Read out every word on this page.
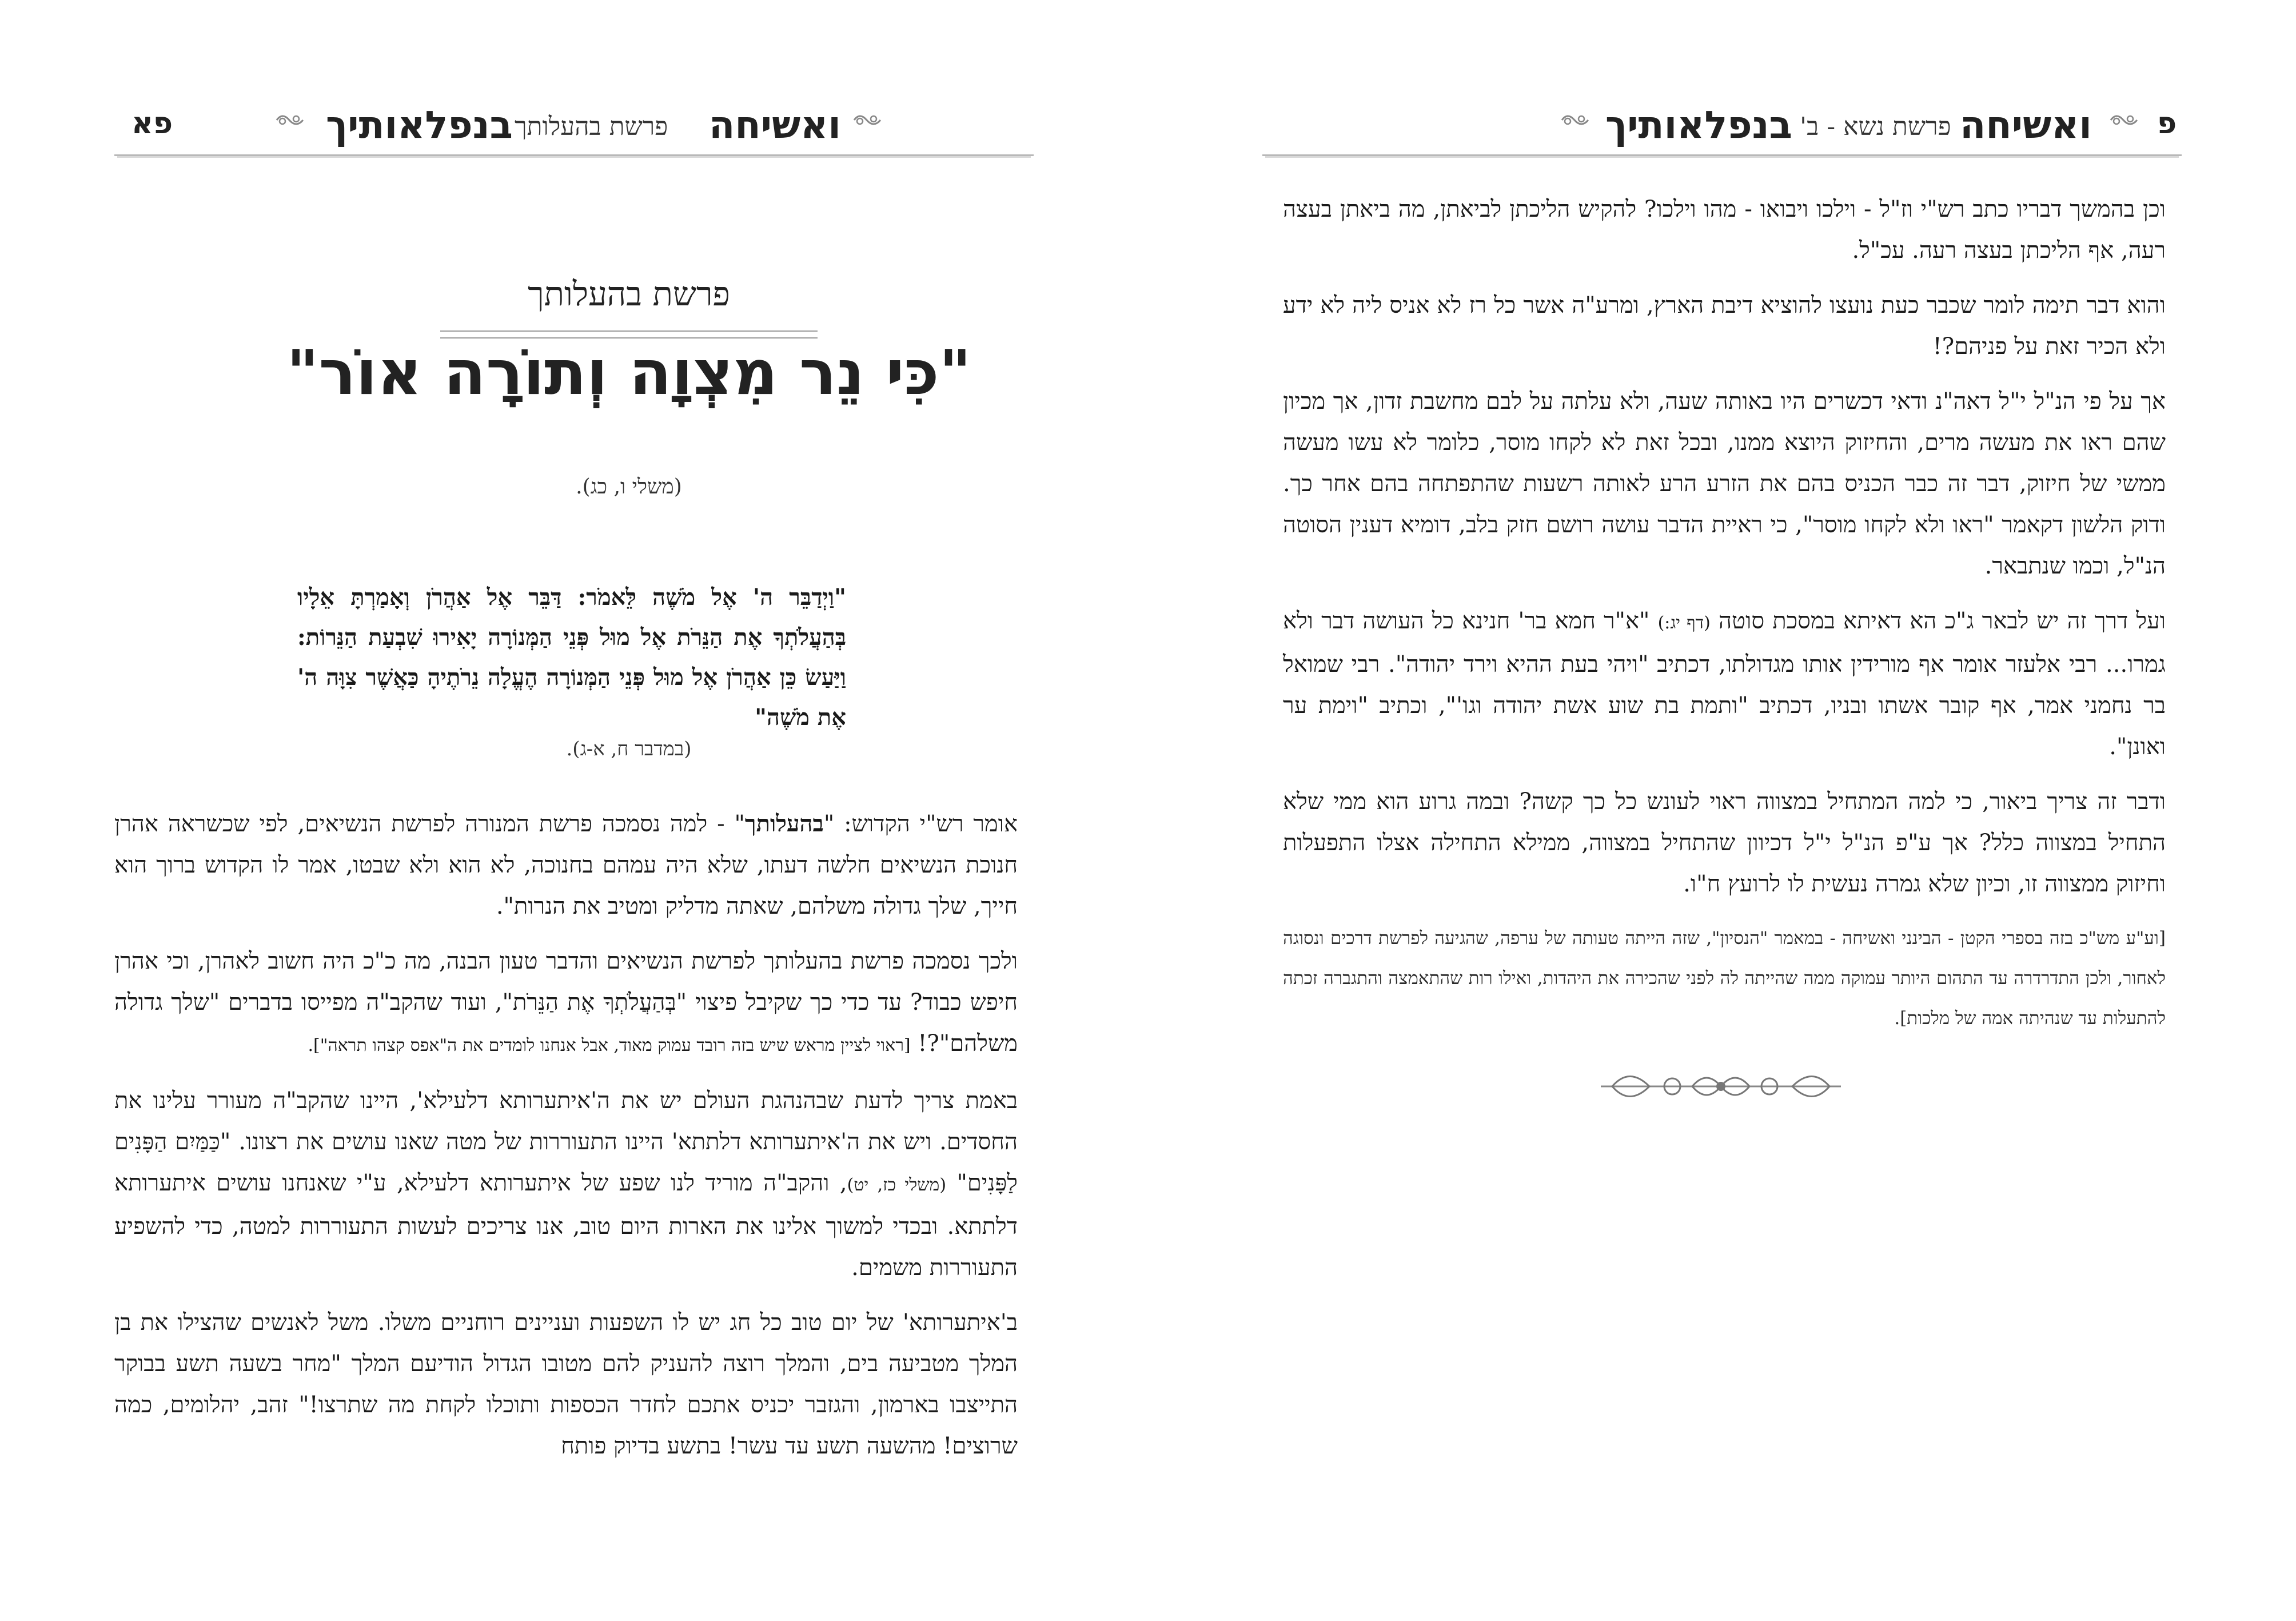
פא	בנפלאותיך פרשת בהעלותך ואשיחה
פרשת בהעלותך
"כִּי נֵר מִצְוָה וְתוֹרָה אוֹר"
(משלי ו, כג).
"וַיְדַבֵּר ה' אֶל מֹשֶׁה לֵּאמֹר: דַּבֵּר אֶל אַהֲרֹן וְאָמַרְתָּ אֵלָיו בְּהַעֲלֹתְךָ אֶת הַנֵּרֹת אֶל מוּל פְּנֵי הַמְּנוֹרָה יָאִירוּ שִׁבְעַת הַנֵּרוֹת: וַיַּעַשׂ כֵּן אַהֲרֹן אֶל מוּל פְּנֵי הַמְּנוֹרָה הֶעֱלָה נֵרֹתֶיהָ כַּאֲשֶׁר צִוָּה ה' אֶת מֹשֶׁה"
(במדבר ח, א-ג).

אומר רש"י הקדוש: "בהעלותך" - למה נסמכה פרשת המנורה לפרשת הנשיאים, לפי שכשראה אהרן חנוכת הנשיאים חלשה דעתו, שלא היה עמהם בחנוכה, לא הוא ולא שבטו, אמר לו הקדוש ברוך הוא חייך, שלך גדולה משלהם, שאתה מדליק ומטיב את הנרות".

ולכך נסמכה פרשת בהעלותך לפרשת הנשיאים והדבר טעון הבנה, מה כ"כ היה חשוב לאהרן, וכי אהרן חיפש כבוד? עד כדי כך שקיבל פיצוי "בְּהַעֲלֹתְךָ אֶת הַנֵּרֹת", ועוד שהקב"ה מפייסו בדברים "שלך גדולה משלהם"?! [ראוי לציין מראש שיש בזה רובד עמוק מאוד, אבל אנחנו לומדים את ה"אפס קצהו תראה"].

באמת צריך לדעת שבהנהגת העולם יש את ה'איתערותא דלעילא', היינו שהקב"ה מעורר עלינו את החסדים. ויש את ה'איתערותא דלתתא' היינו התעוררות של מטה שאנו עושים את רצונו. "כַּמַּיִם הַפָּנִים לַפָּנִים" (משלי כז, יט), והקב"ה מוריד לנו שפע של איתערותא דלעילא, ע"י שאנחנו עושים איתערותא דלתתא. ובכדי למשוך אלינו את הארות היום טוב, אנו צריכים לעשות התעוררות למטה, כדי להשפיע התעוררות משמים.

ב'איתערותא' של יום טוב כל חג יש לו השפעות ועניינים רוחניים משלו. משל לאנשים שהצילו את בן המלך מטביעה בים, והמלך רוצה להעניק להם מטובו הגדול הודיעם המלך "מחר בשעה תשע בבוקר התייצבו בארמון, והגזבר יכניס אתכם לחדר הכספות ותוכלו לקחת מה שתרצו!" זהב, יהלומים, כמה שרוצים! מהשעה תשע עד עשר! בתשע בדיוק פותח

בנפלאותיך פרשת נשא - ב' ואשיחה פ

וכן בהמשך דבריו כתב רש"י וז"ל - וילכו ויבואו - מהו וילכו? להקיש הליכתן לביאתן, מה ביאתן בעצה רעה, אף הליכתן בעצה רעה. עכ"ל.

והוא דבר תימה לומר שכבר כעת נועצו להוציא דיבת הארץ, ומרע"ה אשר כל רז לא אניס ליה לא ידע ולא הכיר זאת על פניהם?!

אך על פי הנ"ל י"ל דאה"נ ודאי דכשרים היו באותה שעה, ולא עלתה על לבם מחשבת זדון, אך מכיון שהם ראו את מעשה מרים, והחיזוק היוצא ממנו, ובכל זאת לא לקחו מוסר, כלומר לא עשו מעשה ממשי של חיזוק, דבר זה כבר הכניס בהם את הזרע הרע לאותה רשעות שהתפתחה בהם אחר כך. ודוק הלשון דקאמר "ראו ולא לקחו מוסר", כי ראיית הדבר עושה רושם חזק בלב, דומיא דענין הסוטה הנ"ל, וכמו שנתבאר.

ועל דרך זה יש לבאר ג"כ הא דאיתא במסכת סוטה (דף יג:) "א"ר חמא בר' חנינא כל העושה דבר ולא גמרו... רבי אלעזר אומר אף מורידין אותו מגדולתו, דכתיב "ויהי בעת ההיא וירד יהודה". רבי שמואל בר נחמני אמר, אף קובר אשתו ובניו, דכתיב "ותמת בת שוע אשת יהודה וגו'", וכתיב "וימת ער ואונן".

ודבר זה צריך ביאור, כי למה המתחיל במצווה ראוי לעונש כל כך קשה? ובמה גרוע הוא ממי שלא התחיל במצווה כלל? אך ע"פ הנ"ל י"ל דכיוון שהתחיל במצווה, ממילא התחילה אצלו התפעלות וחיזוק ממצווה זו, וכיון שלא גמרה נעשית לו לרועץ ח"ו.

[וע"ע מש"כ בזה בספרי הקטן - הבינני ואשיחה - במאמר "הנסיון", שזה הייתה טעותה של ערפה, שהגיעה לפרשת דרכים ונסוגה לאחור, ולכן התדרדרה עד התהום היותר עמוקה ממה שהייתה לה לפני שהכירה את היהדות, ואילו רות שהתאמצה והתגברה זכתה להתעלות עד שנהיתה אמה של מלכות].
